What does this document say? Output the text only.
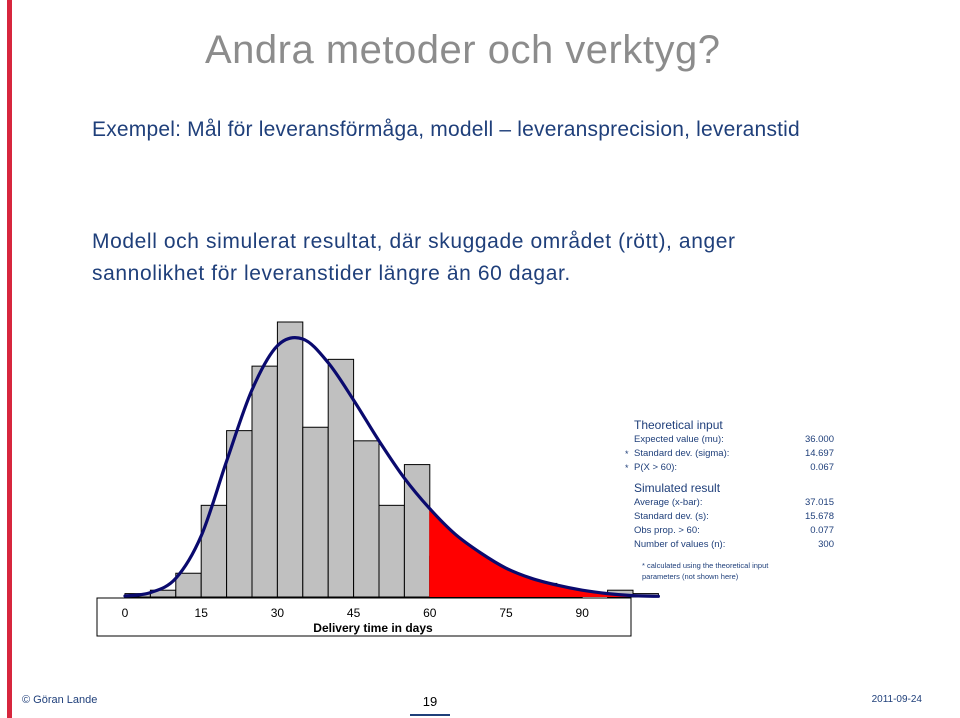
Andra metoder och verktyg?
Exempel: Mål för leveransförmåga, modell – leveransprecision, leveranstid
Modell och simulerat resultat, där skuggade området (rött), anger
sannolikhet för leveranstider längre än 60 dagar.
0	15	30	45	60	75	90
Delivery time in days
Theoretical input
Expected value (mu):	36.000
* Standard dev. (sigma):	14.697
* P(X > 60):	0.067
Simulated result
Average (x-bar):	37.015
Standard dev. (s):	15.678
Obs prop. > 60:	0.077
Number of values (n):	300
* calculated using the theoretical input
parameters (not shown here)
© Göran Lande	19	2011-09-24
